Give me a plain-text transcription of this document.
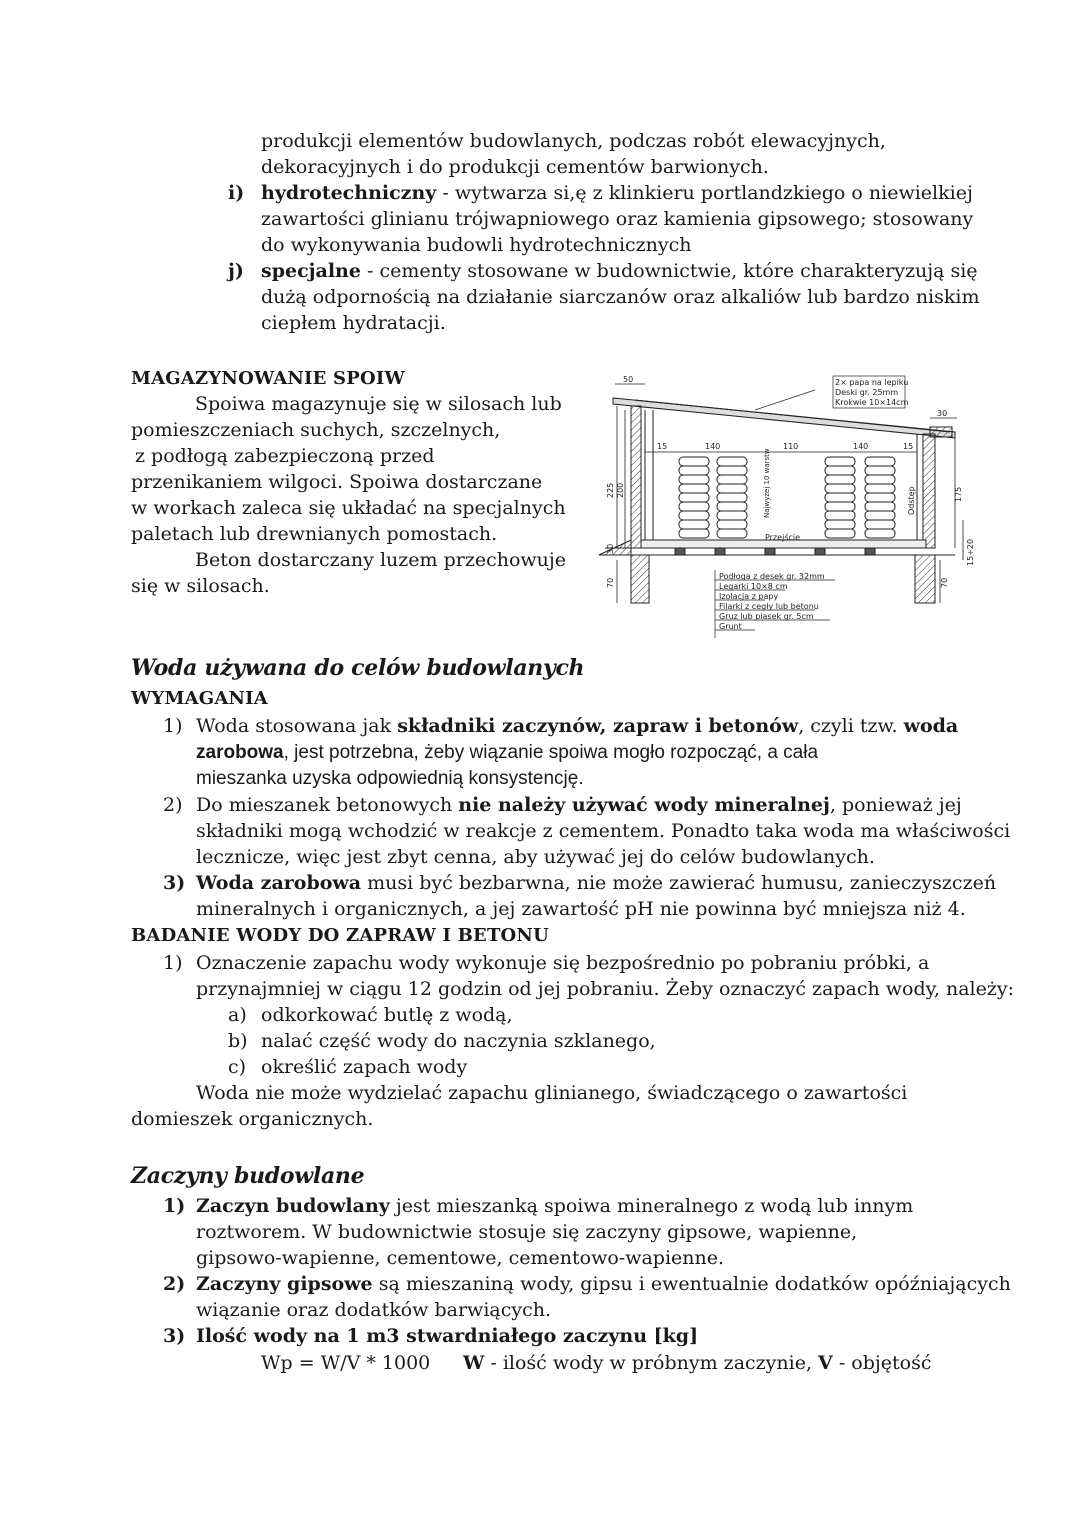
produkcji elementów budowlanych, podczas robót elewacyjnych,
dekoracyjnych i do produkcji cementów barwionych.
i) hydrotechniczny - wytwarza si,ę z klinkieru portlandzkiego o niewielkiej
zawartości glinianu trójwapniowego oraz kamienia gipsowego; stosowany
do wykonywania budowli hydrotechnicznych
j) specjalne - cementy stosowane w budownictwie, które charakteryzują się
dużą odpornością na działanie siarczanów oraz alkaliów lub bardzo niskim
ciepłem hydratacji.
MAGAZYNOWANIE SPOIW
Spoiwa magazynuje się w silosach lub
pomieszczeniach suchych, szczelnych,
z podłogą zabezpieczoną przed
przenikaniem wilgoci. Spoiwa dostarczane
w workach zaleca się układać na specjalnych
paletach lub drewnianych pomostach.
Beton dostarczany luzem przechowuje
się w silosach.
2× papa na lepiku
Deski gr. 25mm
Krokwie 10×14cm
50
30
15	140	110	140	15
225 200
30
70
175
70
15÷20
Najwyżej 10 warstw
Przejście
Odstęp
Podłoga z desek gr. 32mm
Legarki 10×8 cm
Izolacja z papy
Filarki z cegły lub betonu
Gruz lub piasek gr. 5cm
Grunt
Woda używana do celów budowlanych
WYMAGANIA
1) Woda stosowana jak składniki zaczynów, zapraw i betonów, czyli tzw. woda
zarobowa, jest potrzebna, żeby wiązanie spoiwa mogło rozpocząć, a cała
mieszanka uzyska odpowiednią konsystencję.
2) Do mieszanek betonowych nie należy używać wody mineralnej, ponieważ jej
składniki mogą wchodzić w reakcje z cementem. Ponadto taka woda ma właściwości
lecznicze, więc jest zbyt cenna, aby używać jej do celów budowlanych.
3) Woda zarobowa musi być bezbarwna, nie może zawierać humusu, zanieczyszczeń
mineralnych i organicznych, a jej zawartość pH nie powinna być mniejsza niż 4.
BADANIE WODY DO ZAPRAW I BETONU
1) Oznaczenie zapachu wody wykonuje się bezpośrednio po pobraniu próbki, a
przynajmniej w ciągu 12 godzin od jej pobraniu. Żeby oznaczyć zapach wody, należy:
a) odkorkować butlę z wodą,
b) nalać część wody do naczynia szklanego,
c) określić zapach wody
Woda nie może wydzielać zapachu glinianego, świadczącego o zawartości
domieszek organicznych.
Zaczyny budowlane
1) Zaczyn budowlany jest mieszanką spoiwa mineralnego z wodą lub innym
roztworem. W budownictwie stosuje się zaczyny gipsowe, wapienne,
gipsowo-wapienne, cementowe, cementowo-wapienne.
2) Zaczyny gipsowe są mieszaniną wody, gipsu i ewentualnie dodatków opóźniających
wiązanie oraz dodatków barwiących.
3) Ilość wody na 1 m3 stwardniałego zaczynu [kg]
Wp = W/V * 1000 W - ilość wody w próbnym zaczynie, V - objętość
